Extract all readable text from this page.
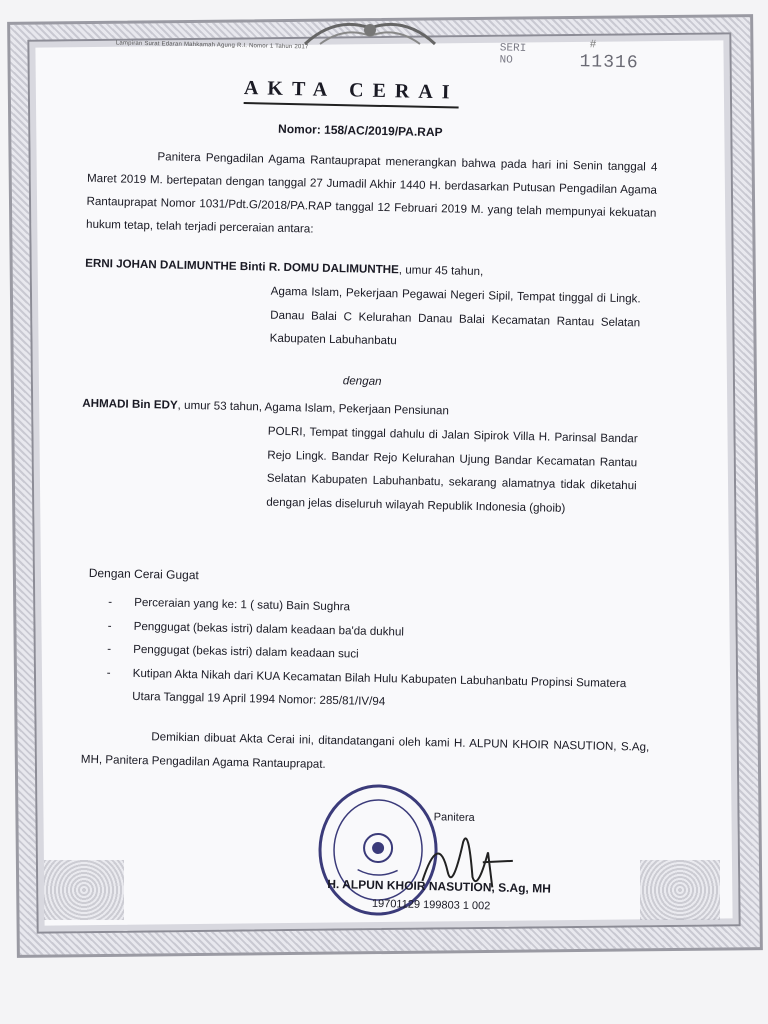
Lampiran Surat Edaran Mahkamah Agung R.I. Nomor 1 Tahun 2017	SERI
NO
#
11316
AKTA CERAI
Nomor: 158/AC/2019/PA.RAP

Panitera Pengadilan Agama Rantauprapat menerangkan bahwa pada hari ini Senin tanggal 4 Maret 2019 M. bertepatan dengan tanggal 27 Jumadil Akhir 1440 H. berdasarkan Putusan Pengadilan Agama Rantauprapat Nomor 1031/Pdt.G/2018/PA.RAP tanggal 12 Februari 2019 M. yang telah mempunyai kekuatan hukum tetap, telah terjadi perceraian antara:

ERNI JOHAN DALIMUNTHE Binti R. DOMU DALIMUNTHE, umur 45 tahun,
Agama Islam, Pekerjaan Pegawai Negeri Sipil, Tempat tinggal di Lingk. Danau Balai C Kelurahan Danau Balai Kecamatan Rantau Selatan Kabupaten Labuhanbatu
dengan
AHMADI Bin EDY, umur 53 tahun, Agama Islam, Pekerjaan Pensiunan
POLRI, Tempat tinggal dahulu di Jalan Sipirok Villa H. Parinsal Bandar Rejo Lingk. Bandar Rejo Kelurahan Ujung Bandar Kecamatan Rantau Selatan Kabupaten Labuhanbatu, sekarang alamatnya tidak diketahui dengan jelas diseluruh wilayah Republik Indonesia (ghoib)
Dengan Cerai Gugat
- Perceraian yang ke: 1 ( satu) Bain Sughra
- Penggugat (bekas istri) dalam keadaan ba'da dukhul
- Penggugat (bekas istri) dalam keadaan suci
- Kutipan Akta Nikah dari KUA Kecamatan Bilah Hulu Kabupaten Labuhanbatu Propinsi Sumatera Utara Tanggal 19 April 1994 Nomor: 285/81/IV/94

Demikian dibuat Akta Cerai ini, ditandatangani oleh kami H. ALPUN KHOIR NASUTION, S.Ag, MH, Panitera Pengadilan Agama Rantauprapat.

Panitera
H. ALPUN KHOIR NASUTION, S.Ag, MH
19701129 199803 1 002
